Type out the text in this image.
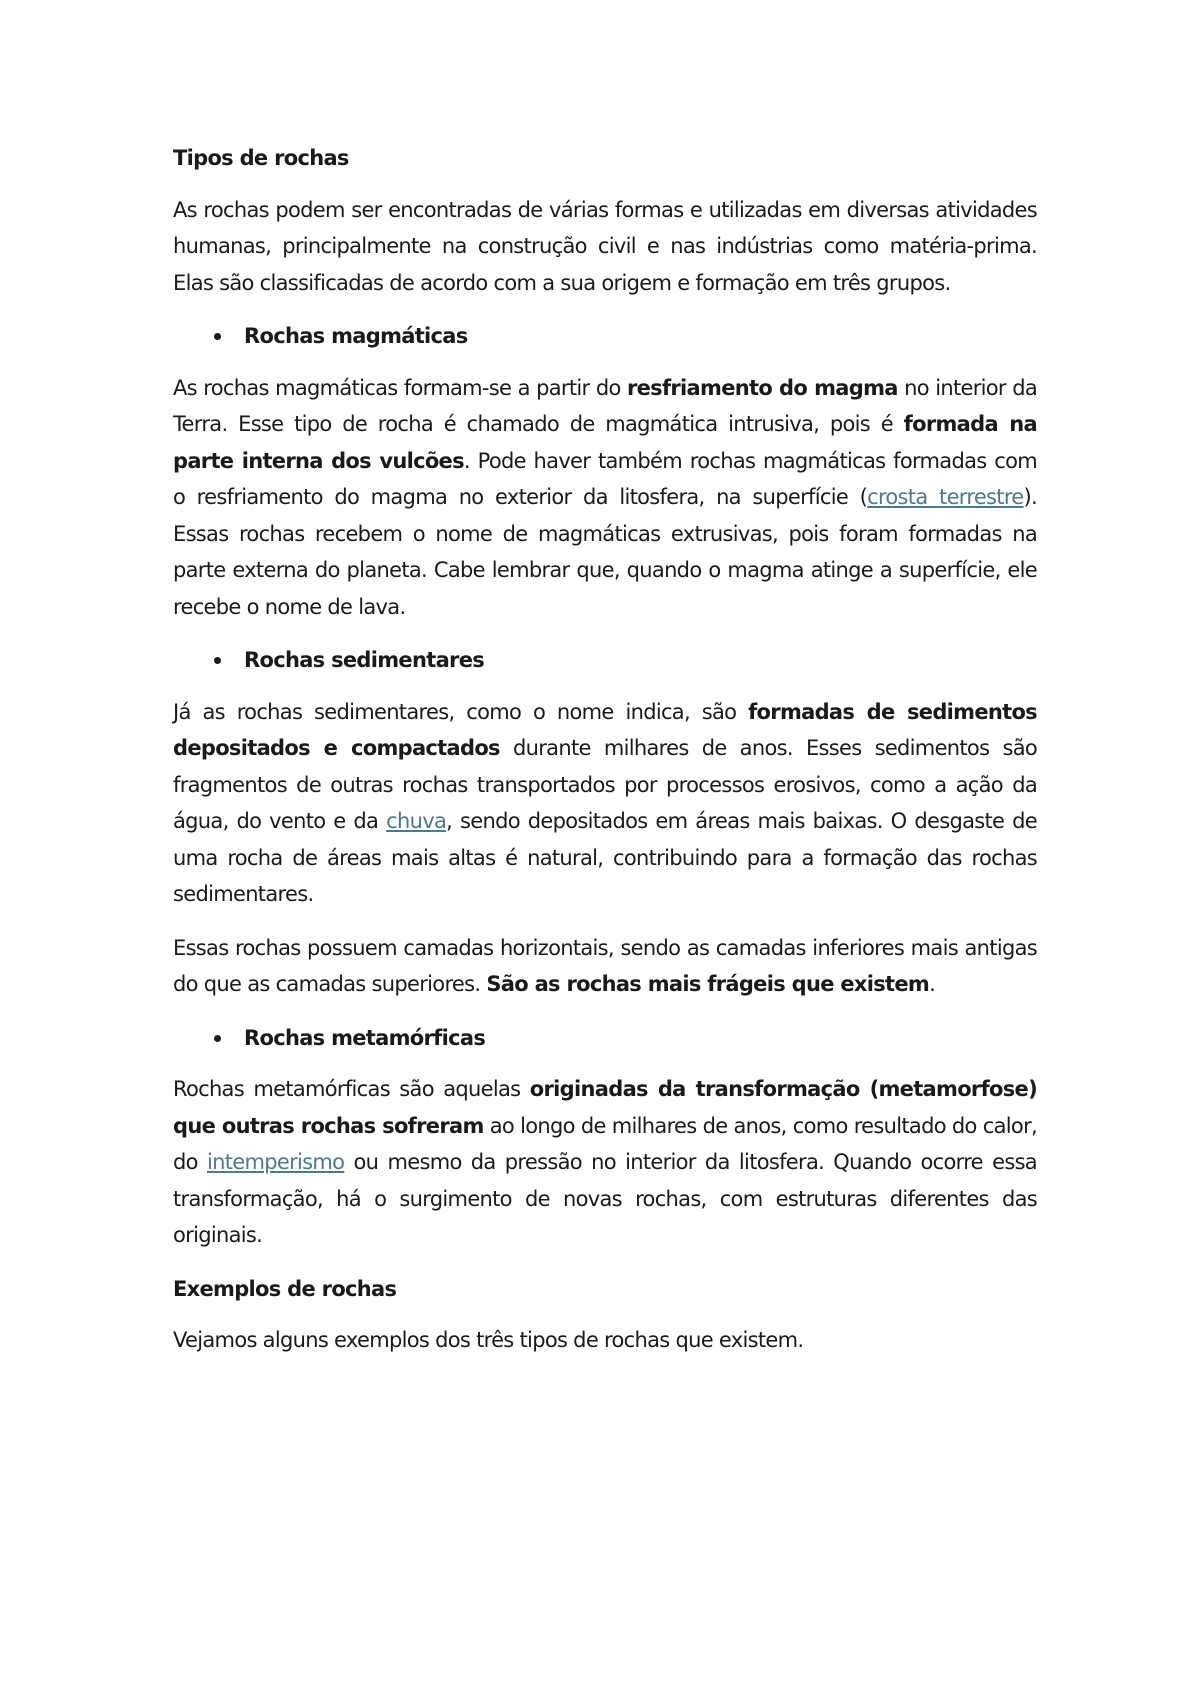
Tipos de rochas

As rochas podem ser encontradas de várias formas e utilizadas em diversas atividades humanas, principalmente na construção civil e nas indústrias como matéria-prima. Elas são classificadas de acordo com a sua origem e formação em três grupos.

Rochas magmáticas

As rochas magmáticas formam-se a partir do resfriamento do magma no interior da Terra. Esse tipo de rocha é chamado de magmática intrusiva, pois é formada na parte interna dos vulcões. Pode haver também rochas magmáticas formadas com o resfriamento do magma no exterior da litosfera, na superfície (crosta terrestre). Essas rochas recebem o nome de magmáticas extrusivas, pois foram formadas na parte externa do planeta. Cabe lembrar que, quando o magma atinge a superfície, ele recebe o nome de lava.

Rochas sedimentares

Já as rochas sedimentares, como o nome indica, são formadas de sedimentos depositados e compactados durante milhares de anos. Esses sedimentos são fragmentos de outras rochas transportados por processos erosivos, como a ação da água, do vento e da chuva, sendo depositados em áreas mais baixas. O desgaste de uma rocha de áreas mais altas é natural, contribuindo para a formação das rochas sedimentares.

Essas rochas possuem camadas horizontais, sendo as camadas inferiores mais antigas do que as camadas superiores. São as rochas mais frágeis que existem.

Rochas metamórficas

Rochas metamórficas são aquelas originadas da transformação (metamorfose) que outras rochas sofreram ao longo de milhares de anos, como resultado do calor, do intemperismo ou mesmo da pressão no interior da litosfera. Quando ocorre essa transformação, há o surgimento de novas rochas, com estruturas diferentes das originais.

Exemplos de rochas

Vejamos alguns exemplos dos três tipos de rochas que existem.
